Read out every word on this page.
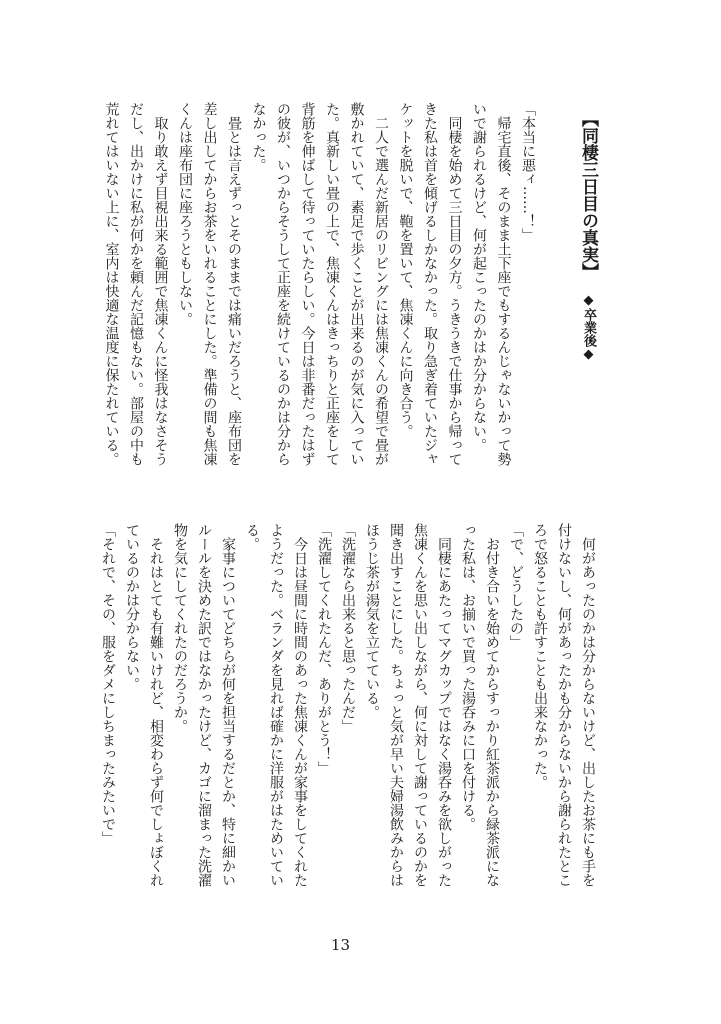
【同棲三日目の真実】◆卒業後◆

「本当に悪ィ……！」

帰宅直後、そのまま土下座でもするんじゃないかって勢いで謝られるけど、何が起こったのかはか分からない。

同棲を始めて三日目の夕方。うきうきで仕事から帰ってきた私は首を傾げるしかなかった。取り急ぎ着ていたジャケットを脱いで、鞄を置いて、焦凍くんに向き合う。

二人で選んだ新居のリビングには焦凍くんの希望で畳が敷かれていて、素足で歩くことが出来るのが気に入っていた。真新しい畳の上で、焦凍くんはきっちりと正座をして背筋を伸ばして待っていたらしい。今日は非番だったはずの彼が、いつからそうして正座を続けているのかは分からなかった。

畳とは言えずっとそのままでは痛いだろうと、座布団を差し出してからお茶をいれることにした。準備の間も焦凍くんは座布団に座ろうともしない。

取り敢えず目視出来る範囲で焦凍くんに怪我はなさそうだし、出かけに私が何かを頼んだ記憶もない。部屋の中も荒れてはいない上に、室内は快適な温度に保たれている。

何があったのかは分からないけど、出したお茶にも手を付けないし、何があったかも分からないから謝られたところで怒ることも許すことも出来なかった。

「で、どうしたの」

お付き合いを始めてからすっかり紅茶派から緑茶派になった私は、お揃いで買った湯呑みに口を付ける。

同棲にあたってマグカップではなく湯呑みを欲しがった焦凍くんを思い出しながら、何に対して謝っているのかを聞き出すことにした。ちょっと気が早い夫婦湯飲みからはほうじ茶が湯気を立てている。

「洗濯なら出来ると思ったんだ」

「洗濯してくれたんだ、ありがとう！」

今日は昼間に時間のあった焦凍くんが家事をしてくれたようだった。ベランダを見れば確かに洋服がはためいている。

家事についてどちらが何を担当するだとか、特に細かいルールを決めた訳ではなかったけど、カゴに溜まった洗濯物を気にしてくれたのだろうか。

それはとても有難いけれど、相変わらず何でしょぼくれているのかは分からない。

「それで、その、服をダメにしちまったみたいで」

13
